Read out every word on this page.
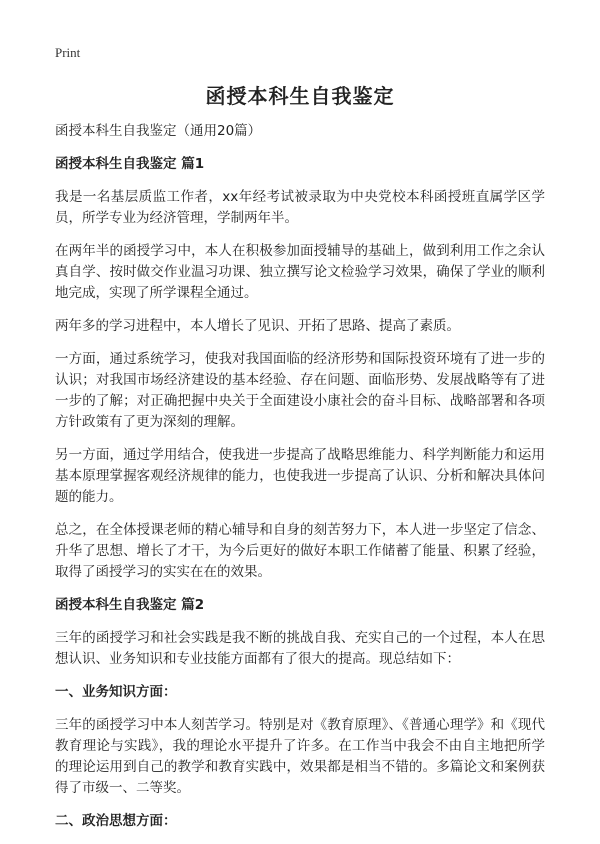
Print
函授本科生自我鉴定

函授本科生自我鉴定（通用20篇）

函授本科生自我鉴定 篇1

我是一名基层质监工作者，xx年经考试被录取为中央党校本科函授班直属学区学员，所学专业为经济管理，学制两年半。

在两年半的函授学习中，本人在积极参加面授辅导的基础上，做到利用工作之余认真自学、按时做交作业温习功课、独立撰写论文检验学习效果，确保了学业的顺利地完成，实现了所学课程全通过。

两年多的学习进程中，本人增长了见识、开拓了思路、提高了素质。

一方面，通过系统学习，使我对我国面临的经济形势和国际投资环境有了进一步的认识；对我国市场经济建设的基本经验、存在问题、面临形势、发展战略等有了进一步的了解；对正确把握中央关于全面建设小康社会的奋斗目标、战略部署和各项方针政策有了更为深刻的理解。

另一方面，通过学用结合，使我进一步提高了战略思维能力、科学判断能力和运用基本原理掌握客观经济规律的能力，也使我进一步提高了认识、分析和解决具体问题的能力。

总之，在全体授课老师的精心辅导和自身的刻苦努力下，本人进一步坚定了信念、升华了思想、增长了才干，为今后更好的做好本职工作储蓄了能量、积累了经验，取得了函授学习的实实在在的效果。

函授本科生自我鉴定 篇2

三年的函授学习和社会实践是我不断的挑战自我、充实自己的一个过程，本人在思想认识、业务知识和专业技能方面都有了很大的提高。现总结如下：

一、业务知识方面：

三年的函授学习中本人刻苦学习。特别是对《教育原理》、《普通心理学》和《现代教育理论与实践》，我的理论水平提升了许多。在工作当中我会不由自主地把所学的理论运用到自己的教学和教育实践中，效果都是相当不错的。多篇论文和案例获得了市级一、二等奖。

二、政治思想方面：
